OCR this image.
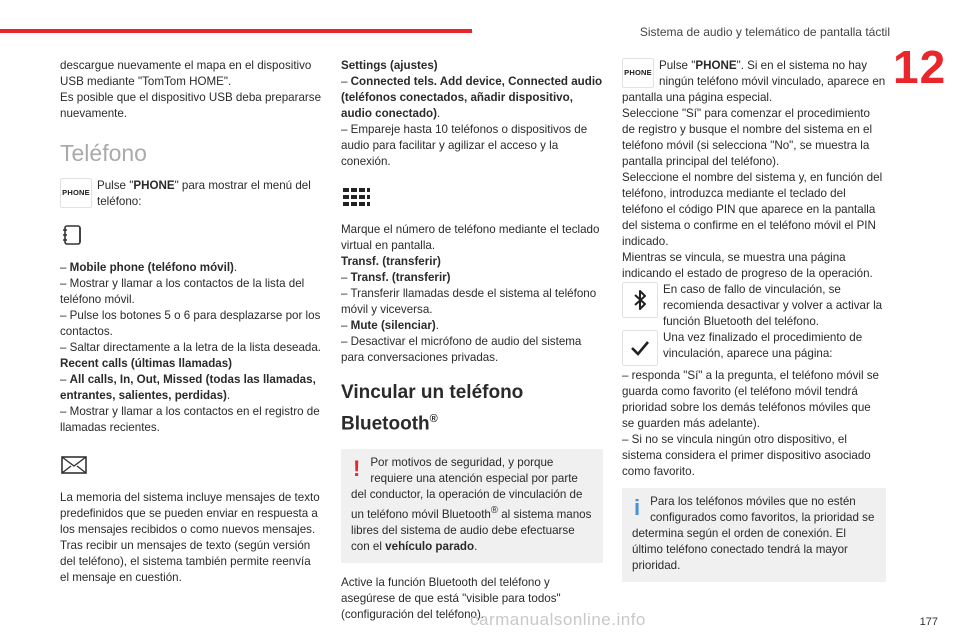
Sistema de audio y telemático de pantalla táctil
12

descargue nuevamente el mapa en el dispositivo USB mediante "TomTom HOME".

Es posible que el dispositivo USB deba prepararse nuevamente.

Teléfono
PHONE

Pulse "PHONE" para mostrar el menú del teléfono:

– Mobile phone (teléfono móvil).

– Mostrar y llamar a los contactos de la lista del teléfono móvil.

– Pulse los botones 5 o 6 para desplazarse por los contactos.

– Saltar directamente a la letra de la lista deseada.

Recent calls (últimas llamadas)

– All calls, In, Out, Missed (todas las llamadas, entrantes, salientes, perdidas).

– Mostrar y llamar a los contactos en el registro de llamadas recientes.

La memoria del sistema incluye mensajes de texto predefinidos que se pueden enviar en respuesta a los mensajes recibidos o como nuevos mensajes.

Tras recibir un mensajes de texto (según versión del teléfono), el sistema también permite reenvía el mensaje en cuestión.

Settings (ajustes)

– Connected tels. Add device, Connected audio (teléfonos conectados, añadir dispositivo, audio conectado).

– Empareje hasta 10 teléfonos o dispositivos de audio para facilitar y agilizar el acceso y la conexión.

Marque el número de teléfono mediante el teclado virtual en pantalla.

Transf. (transferir)

– Transf. (transferir)

– Transferir llamadas desde el sistema al teléfono móvil y viceversa.

– Mute (silenciar).

– Desactivar el micrófono de audio del sistema para conversaciones privadas.

Vincular un teléfono Bluetooth®
! Por motivos de seguridad, y porque requiere una atención especial por parte del conductor, la operación de vinculación de un teléfono móvil Bluetooth® al sistema manos libres del sistema de audio debe efectuarse con el vehículo parado.

Active la función Bluetooth del teléfono y asegúrese de que está "visible para todos" (configuración del teléfono).

PHONE

Pulse "PHONE". Si en el sistema no hay ningún teléfono móvil vinculado, aparece en pantalla una página especial.

Seleccione "Sí" para comenzar el procedimiento de registro y busque el nombre del sistema en el teléfono móvil (si selecciona "No", se muestra la pantalla principal del teléfono).

Seleccione el nombre del sistema y, en función del teléfono, introduzca mediante el teclado del teléfono el código PIN que aparece en la pantalla del sistema o confirme en el teléfono móvil el PIN indicado.

Mientras se vincula, se muestra una página indicando el estado de progreso de la operación.

En caso de fallo de vinculación, se recomienda desactivar y volver a activar la función Bluetooth del teléfono.

Una vez finalizado el procedimiento de vinculación, aparece una página:

– responda "Sí" a la pregunta, el teléfono móvil se guarda como favorito (el teléfono móvil tendrá prioridad sobre los demás teléfonos móviles que se guarden más adelante).

– Si no se vincula ningún otro dispositivo, el sistema considera el primer dispositivo asociado como favorito.

i Para los teléfonos móviles que no estén configurados como favoritos, la prioridad se determina según el orden de conexión. El último teléfono conectado tendrá la mayor prioridad.

carmanualsonline.info	177
